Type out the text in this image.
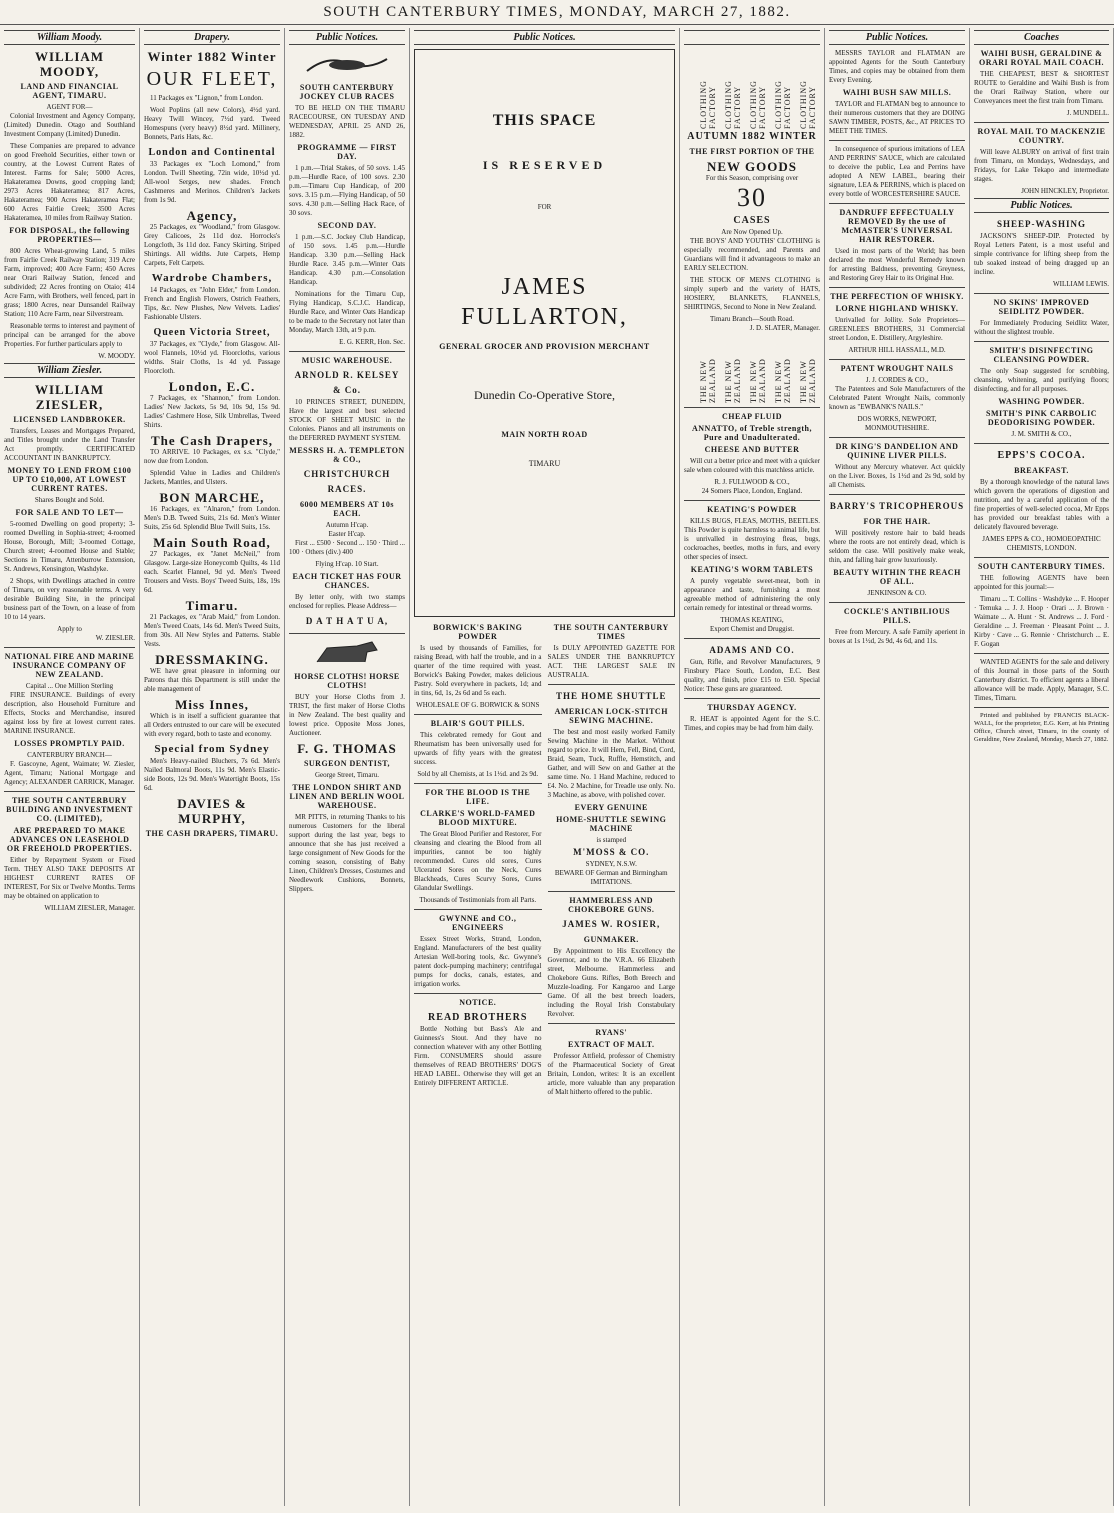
SOUTH CANTERBURY TIMES, MONDAY, MARCH 27, 1882.
William Moody.
WILLIAM MOODY,
LAND AND FINANCIAL AGENT, TIMARU.
AGENT FOR—

Colonial Investment and Agency Company, (Limited) Dunedin. Otago and Southland Investment Company (Limited) Dunedin.

These Companies are prepared to advance on good Freehold Securities, either town or country, at the Lowest Current Rates of Interest. Farms for Sale; 5000 Acres, Hakateramea Downs, good cropping land; 2973 Acres Hakateramea; 817 Acres, Hakateramea; 900 Acres Hakateramea Flat; 600 Acres Fairlie Creek; 3500 Acres Hakateramea, 10 miles from Railway Station.

FOR DISPOSAL, the following PROPERTIES—

800 Acres Wheat-growing Land, 5 miles from Fairlie Creek Railway Station; 319 Acre Farm, improved; 400 Acre Farm; 450 Acres near Orari Railway Station, fenced and subdivided; 22 Acres fronting on Otaio; 414 Acre Farm, with Brothers, well fenced, part in grass; 1800 Acres, near Dunsandel Railway Station; 110 Acre Farm, near Silverstream.

Reasonable terms to interest and payment of principal can be arranged for the above Properties. For further particulars apply to

W. MOODY.
William Ziesler.
WILLIAM ZIESLER,
LICENSED LANDBROKER.

Transfers, Leases and Mortgages Prepared, and Titles brought under the Land Transfer Act promptly. CERTIFICATED ACCOUNTANT IN BANKRUPTCY.

MONEY TO LEND FROM £100 UP TO £10,000, AT LOWEST CURRENT RATES.
Shares Bought and Sold.
FOR SALE AND TO LET—

5-roomed Dwelling on good property; 3-roomed Dwelling in Sophia-street; 4-roomed House, Borough, Mill; 3-roomed Cottage, Church street; 4-roomed House and Stable; Sections in Timaru, Attenburrow Extension, St. Andrews, Kensington, Washdyke.

2 Shops, with Dwellings attached in centre of Timaru, on very reasonable terms. A very desirable Building Site, in the principal business part of the Town, on a lease of from 10 to 14 years.

Apply to
W. ZIESLER.
NATIONAL FIRE AND MARINE INSURANCE COMPANY OF NEW ZEALAND.
Capital ... One Million Sterling

FIRE INSURANCE. Buildings of every description, also Household Furniture and Effects, Stocks and Merchandise, insured against loss by fire at lowest current rates. MARINE INSURANCE.

LOSSES PROMPTLY PAID.
CANTERBURY BRANCH—

F. Gascoyne, Agent, Waimate; W. Ziesler, Agent, Timaru; National Mortgage and Agency; ALEXANDER CARRICK, Manager.

THE SOUTH CANTERBURY BUILDING AND INVESTMENT CO. (LIMITED),
ARE PREPARED TO MAKE ADVANCES ON LEASEHOLD OR FREEHOLD PROPERTIES.

Either by Repayment System or Fixed Term. THEY ALSO TAKE DEPOSITS AT HIGHEST CURRENT RATES OF INTEREST, For Six or Twelve Months. Terms may be obtained on application to

WILLIAM ZIESLER, Manager.
Drapery.
Winter 1882 Winter
OUR FLEET,

11 Packages ex "Lignon," from London.

Wool Poplins (all new Colors), 4½d yard. Heavy Twill Wincey, 7½d yard. Tweed Homespuns (very heavy) 8½d yard. Millinery, Bonnets, Paris Hats, &c.

London and Continental

33 Packages ex "Loch Lomond," from London. Twill Sheeting, 72in wide, 10½d yd. All-wool Serges, new shades. French Cashmeres and Merinos. Children's Jackets from 1s 9d.

Agency,

25 Packages, ex "Woodland," from Glasgow. Grey Calicoes, 2s 11d doz. Horrocks's Longcloth, 3s 11d doz. Fancy Skirting. Striped Shirtings. All widths. Jute Carpets, Hemp Carpets, Felt Carpets.

Wardrobe Chambers,

14 Packages, ex "John Elder," from London. French and English Flowers, Ostrich Feathers, Tips, &c. New Plushes, New Velvets. Ladies' Fashionable Ulsters.

Queen Victoria Street,

37 Packages, ex "Clyde," from Glasgow. All-wool Flannels, 10½d yd. Floorcloths, various widths. Stair Cloths, 1s 4d yd. Passage Floorcloth.

London, E.C.

7 Packages, ex "Shannon," from London. Ladies' New Jackets, 5s 9d, 10s 9d, 15s 9d. Ladies' Cashmere Hose, Silk Umbrellas, Tweed Shirts.

The Cash Drapers,

TO ARRIVE. 10 Packages, ex s.s. "Clyde," now due from London.

Splendid Value in Ladies and Children's Jackets, Mantles, and Ulsters.

BON MARCHE,

16 Packages, ex "Alnaron," from London. Men's D.B. Tweed Suits, 21s 6d. Men's Winter Suits, 25s 6d. Splendid Blue Twill Suits, 15s.

Main South Road,

27 Packages, ex "Janet McNeil," from Glasgow. Large-size Honeycomb Quilts, 4s 11d each. Scarlet Flannel, 9d yd. Men's Tweed Trousers and Vests. Boys' Tweed Suits, 18s, 19s 6d.

Timaru.

21 Packages, ex "Arab Maid," from London. Men's Tweed Coats, 14s 6d. Men's Tweed Suits, from 30s. All New Styles and Patterns. Stable Vests.

DRESSMAKING.

WE have great pleasure in informing our Patrons that this Department is still under the able management of

Miss Innes,

Which is in itself a sufficient guarantee that all Orders entrusted to our care will be executed with every regard, both to taste and economy.

Special from Sydney

Men's Heavy-nailed Bluchers, 7s 6d. Men's Nailed Balmoral Boots, 11s 9d. Men's Elastic-side Boots, 12s 9d. Men's Watertight Boots, 15s 6d.

DAVIES & MURPHY,
THE CASH DRAPERS, TIMARU.
Public Notices.
SOUTH CANTERBURY JOCKEY CLUB RACES

TO BE HELD ON THE TIMARU RACECOURSE, ON TUESDAY AND WEDNESDAY, APRIL 25 AND 26, 1882.

PROGRAMME — FIRST DAY.

1 p.m.—Trial Stakes, of 50 sovs. 1.45 p.m.—Hurdle Race, of 100 sovs. 2.30 p.m.—Timaru Cup Handicap, of 200 sovs. 3.15 p.m.—Flying Handicap, of 50 sovs. 4.30 p.m.—Selling Hack Race, of 30 sovs.

SECOND DAY.

1 p.m.—S.C. Jockey Club Handicap, of 150 sovs. 1.45 p.m.—Hurdle Handicap. 3.30 p.m.—Selling Hack Hurdle Race. 3.45 p.m.—Winter Oats Handicap. 4.30 p.m.—Consolation Handicap.

Nominations for the Timaru Cup, Flying Handicap, S.C.J.C. Handicap, Hurdle Race, and Winter Oats Handicap to be made to the Secretary not later than Monday, March 13th, at 9 p.m.

E. G. KERR, Hon. Sec.
MUSIC WAREHOUSE.
ARNOLD R. KELSEY & Co.

10 PRINCES STREET, DUNEDIN, Have the largest and best selected STOCK OF SHEET MUSIC in the Colonies. Pianos and all instruments on the DEFERRED PAYMENT SYSTEM.

MESSRS H. A. TEMPLETON & CO.,
CHRISTCHURCH RACES.
6000 MEMBERS AT 10s EACH.
Autumn H'cap.
Easter H'cap.

First ... £500 · Second ... 150 · Third ... 100 · Others (div.) 400

Flying H'cap. 10 Start.
EACH TICKET HAS FOUR CHANCES.

By letter only, with two stamps enclosed for replies. Please Address—

D A T H A T U A,
HORSE CLOTHS! HORSE CLOTHS!

BUY your Horse Cloths from J. TRIST, the first maker of Horse Cloths in New Zealand. The best quality and lowest price. Opposite Moss Jones, Auctioneer.

F. G. THOMAS
SURGEON DENTIST,
George Street, Timaru.
THE LONDON SHIRT AND LINEN AND BERLIN WOOL WAREHOUSE.

MR PITTS, in returning Thanks to his numerous Customers for the liberal support during the last year, begs to announce that she has just received a large consignment of New Goods for the coming season, consisting of Baby Linen, Children's Dresses, Costumes and Needlework Cushions, Bonnets, Slippers.

Public Notices.
THIS SPACE
IS RESERVED
FOR
JAMES FULLARTON,
GENERAL GROCER AND PROVISION MERCHANT
Dunedin Co-Operative Store,
MAIN NORTH ROAD
TIMARU
BORWICK'S BAKING POWDER

Is used by thousands of Families, for raising Bread, with half the trouble, and in a quarter of the time required with yeast. Borwick's Baking Powder, makes delicious Pastry. Sold everywhere in packets, 1d; and in tins, 6d, 1s, 2s 6d and 5s each.

WHOLESALE OF G. BORWICK & SONS
BLAIR'S GOUT PILLS.

This celebrated remedy for Gout and Rheumatism has been universally used for upwards of fifty years with the greatest success.

Sold by all Chemists, at 1s 1½d. and 2s 9d.
FOR THE BLOOD IS THE LIFE.
CLARKE'S WORLD-FAMED BLOOD MIXTURE.

The Great Blood Purifier and Restorer, For cleansing and clearing the Blood from all impurities, cannot be too highly recommended. Cures old sores, Cures Ulcerated Sores on the Neck, Cures Blackheads, Cures Scurvy Sores, Cures Glandular Swellings.

Thousands of Testimonials from all Parts.
GWYNNE and CO., ENGINEERS

Essex Street Works, Strand, London, England. Manufacturers of the best quality Artesian Well-boring tools, &c. Gwynne's patent dock-pumping machinery; centrifugal pumps for docks, canals, estates, and irrigation works.

NOTICE.
READ BROTHERS

Bottle Nothing but Bass's Ale and Guinness's Stout. And they have no connection whatever with any other Bottling Firm. CONSUMERS should assure themselves of READ BROTHERS' DOG'S HEAD LABEL. Otherwise they will get an Entirely DIFFERENT ARTICLE.

THE SOUTH CANTERBURY TIMES

Is DULY APPOINTED GAZETTE FOR SALES UNDER THE BANKRUPTCY ACT. THE LARGEST SALE IN AUSTRALIA.

THE HOME SHUTTLE
AMERICAN LOCK-STITCH SEWING MACHINE.

The best and most easily worked Family Sewing Machine in the Market. Without regard to price. It will Hem, Fell, Bind, Cord, Braid, Seam, Tuck, Ruffle, Hemstitch, and Gather, and will Sew on and Gather at the same time. No. 1 Hand Machine, reduced to £4. No. 2 Machine, for Treadle use only. No. 3 Machine, as above, with polished cover.

EVERY GENUINE
HOME-SHUTTLE SEWING MACHINE
is stamped
M'MOSS & CO.
SYDNEY, N.S.W.
BEWARE OF German and Birmingham IMITATIONS.
HAMMERLESS AND CHOKEBORE GUNS.
JAMES W. ROSIER,
GUNMAKER.

By Appointment to His Excellency the Governor, and to the V.R.A. 66 Elizabeth street, Melbourne. Hammerless and Chokebore Guns. Rifles, Both Breech and Muzzle-loading. For Kangaroo and Large Game. Of all the best breech loaders, including the Royal Irish Constabulary Revolver.

RYANS'
EXTRACT OF MALT.

Professor Attfield, professor of Chemistry of the Pharmaceutical Society of Great Britain, London, writes: It is an excellent article, more valuable than any preparation of Malt hitherto offered to the public.

CLOTHING FACTORY CLOTHING FACTORY CLOTHING FACTORY CLOTHING FACTORY CLOTHING FACTORY
AUTUMN 1882 WINTER
THE FIRST PORTION OF THE
NEW GOODS
For this Season, comprising over
30
CASES
Are Now Opened Up.

THE BOYS' AND YOUTHS' CLOTHING is especially recommended, and Parents and Guardians will find it advantageous to make an EARLY SELECTION.

THE STOCK OF MEN'S CLOTHING is simply superb and the variety of HATS, HOSIERY, BLANKETS, FLANNELS, SHIRTINGS, Second to None in New Zealand.

Timaru Branch—South Road.
J. D. SLATER, Manager.
THE NEW ZEALAND THE NEW ZEALAND THE NEW ZEALAND THE NEW ZEALAND THE NEW ZEALAND
CHEAP FLUID
ANNATTO, of Treble strength, Pure and Unadulterated.
CHEESE AND BUTTER

Will cut a better price and meet with a quicker sale when coloured with this matchless article.

R. J. FULLWOOD & CO.,
24 Somers Place, London, England.
KEATING'S POWDER

KILLS BUGS, FLEAS, MOTHS, BEETLES. This Powder is quite harmless to animal life, but is unrivalled in destroying fleas, bugs, cockroaches, beetles, moths in furs, and every other species of insect.

KEATING'S WORM TABLETS

A purely vegetable sweet-meat, both in appearance and taste, furnishing a most agreeable method of administering the only certain remedy for intestinal or thread worms.

THOMAS KEATING,
Export Chemist and Druggist.
ADAMS AND CO.

Gun, Rifle, and Revolver Manufacturers, 9 Finsbury Place South, London, E.C. Best quality, and finish, price £15 to £50. Special Notice: These guns are guaranteed.

THURSDAY AGENCY.

R. HEAT is appointed Agent for the S.C. Times, and copies may be had from him daily.

Public Notices.

MESSRS TAYLOR and FLATMAN are appointed Agents for the South Canterbury Times, and copies may be obtained from them Every Evening.

WAIHI BUSH SAW MILLS.

TAYLOR and FLATMAN beg to announce to their numerous customers that they are DOING SAWN TIMBER, POSTS, &c., AT PRICES TO MEET THE TIMES.

In consequence of spurious imitations of LEA AND PERRINS' SAUCE, which are calculated to deceive the public, Lea and Perrins have adopted A NEW LABEL, bearing their signature, LEA & PERRINS, which is placed on every bottle of WORCESTERSHIRE SAUCE.

DANDRUFF EFFECTUALLY REMOVED By the use of McMASTER'S UNIVERSAL HAIR RESTORER.

Used in most parts of the World; has been declared the most Wonderful Remedy known for arresting Baldness, preventing Greyness, and Restoring Grey Hair to its Original Hue.

THE PERFECTION OF WHISKY.
LORNE HIGHLAND WHISKY.

Unrivalled for Jollity. Sole Proprietors—GREENLEES BROTHERS, 31 Commercial street London, E. Distillery, Argyleshire.

ARTHUR HILL HASSALL, M.D.
PATENT WROUGHT NAILS
J. J. CORDES & CO.,

The Patentees and Sole Manufacturers of the Celebrated Patent Wrought Nails, commonly known as "EWBANK'S NAILS."

DOS WORKS, NEWPORT, MONMOUTHSHIRE.
DR KING'S DANDELION AND QUININE LIVER PILLS.

Without any Mercury whatever. Act quickly on the Liver. Boxes, 1s 1½d and 2s 9d, sold by all Chemists.

BARRY'S TRICOPHEROUS
FOR THE HAIR.

Will positively restore hair to bald heads where the roots are not entirely dead, which is seldom the case. Will positively make weak, thin, and falling hair grow luxuriously.

BEAUTY WITHIN THE REACH OF ALL.
JENKINSON & CO.
COCKLE'S ANTIBILIOUS PILLS.

Free from Mercury. A safe Family aperient in boxes at 1s 1½d, 2s 9d, 4s 6d, and 11s.

Coaches
WAIHI BUSH, GERALDINE & ORARI ROYAL MAIL COACH.

THE CHEAPEST, BEST & SHORTEST ROUTE to Geraldine and Waihi Bush is from the Orari Railway Station, where our Conveyances meet the first train from Timaru.

J. MUNDELL.
ROYAL MAIL TO MACKENZIE COUNTRY.

Will leave ALBURY on arrival of first train from Timaru, on Mondays, Wednesdays, and Fridays, for Lake Tekapo and intermediate stages.

JOHN HINCKLEY, Proprietor.
Public Notices.
SHEEP-WASHING

JACKSON'S SHEEP-DIP. Protected by Royal Letters Patent, is a most useful and simple contrivance for lifting sheep from the tub soaked instead of being dragged up an incline.

WILLIAM LEWIS.
NO SKINS' IMPROVED SEIDLITZ POWDER.

For Immediately Producing Seidlitz Water, without the slightest trouble.

SMITH'S DISINFECTING CLEANSING POWDER.

The only Soap suggested for scrubbing, cleansing, whitening, and purifying floors; disinfecting, and for all purposes.

WASHING POWDER.
SMITH'S PINK CARBOLIC DEODORISING POWDER.
J. M. SMITH & CO.,
EPPS'S COCOA.
BREAKFAST.

By a thorough knowledge of the natural laws which govern the operations of digestion and nutrition, and by a careful application of the fine properties of well-selected cocoa, Mr Epps has provided our breakfast tables with a delicately flavoured beverage.

JAMES EPPS & CO., HOMOEOPATHIC CHEMISTS, LONDON.
SOUTH CANTERBURY TIMES.

THE following AGENTS have been appointed for this journal:—

Timaru ... T. Collins · Washdyke ... F. Hooper · Temuka ... J. J. Hoop · Orari ... J. Brown · Waimate ... A. Hunt · St. Andrews ... J. Ford · Geraldine ... J. Freeman · Pleasant Point ... J. Kirby · Cave ... G. Rennie · Christchurch ... E. F. Gogan

WANTED AGENTS for the sale and delivery of this Journal in those parts of the South Canterbury district. To efficient agents a liberal allowance will be made. Apply, Manager, S.C. Times, Timaru.

Printed and published by FRANCIS BLACK-WALL, for the proprietor, E.G. Kerr, at his Printing Office, Church street, Timaru, in the county of Geraldine, New Zealand, Monday, March 27, 1882.
